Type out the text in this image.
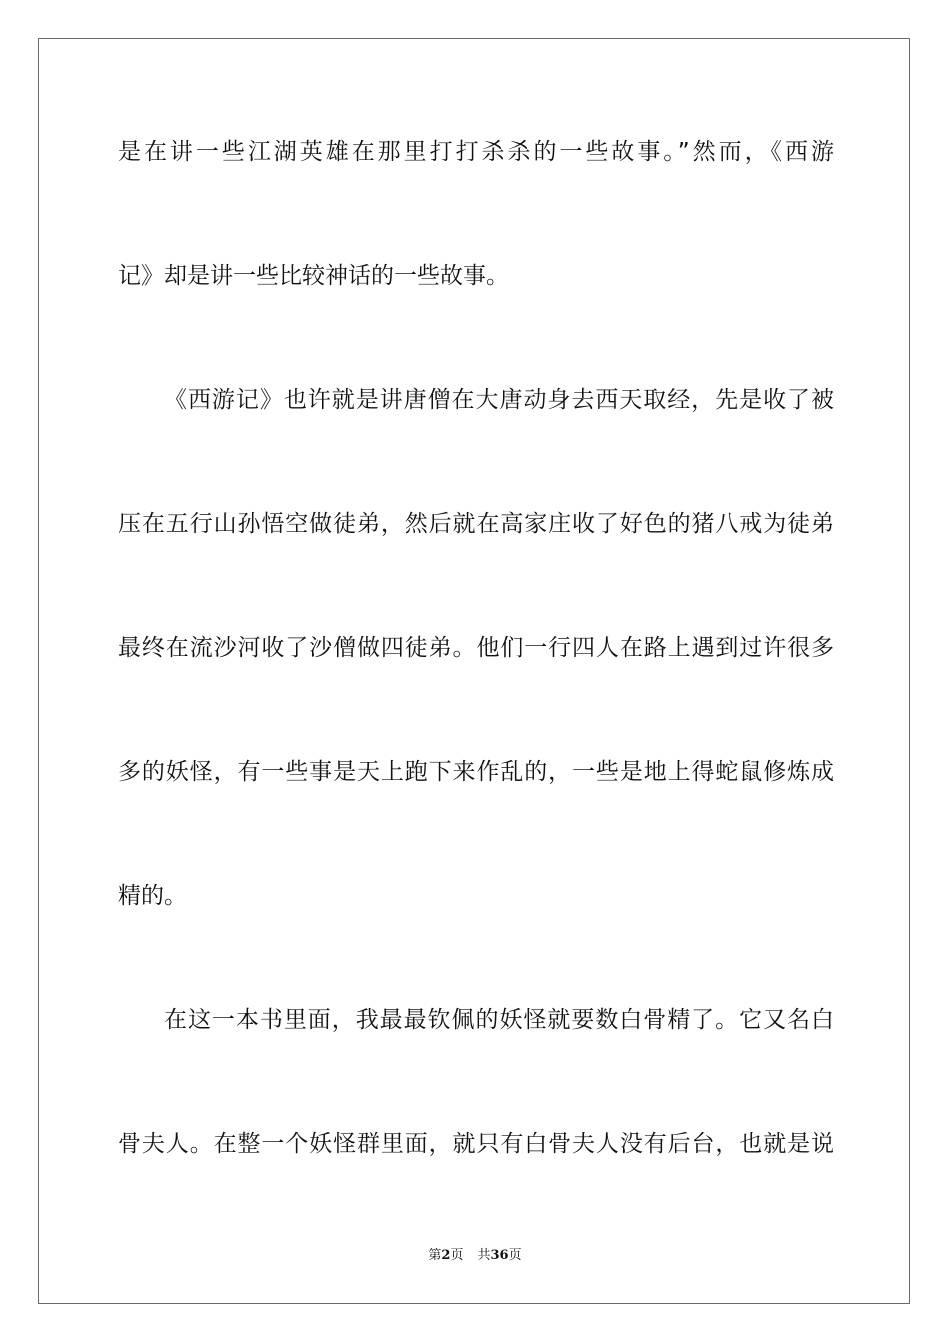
是在讲一些江湖英雄在那里打打杀杀的一些故事。”然而，《西游
记》却是讲一些比较神话的一些故事。
《西游记》也许就是讲唐僧在大唐动身去西天取经，先是收了被
压在五行山孙悟空做徒弟，然后就在高家庄收了好色的猪八戒为徒弟
最终在流沙河收了沙僧做四徒弟。他们一行四人在路上遇到过许很多
多的妖怪，有一些事是天上跑下来作乱的，一些是地上得蛇鼠修炼成
精的。
在这一本书里面，我最最钦佩的妖怪就要数白骨精了。它又名白
骨夫人。在整一个妖怪群里面，就只有白骨夫人没有后台，也就是说
第2页 共36页
